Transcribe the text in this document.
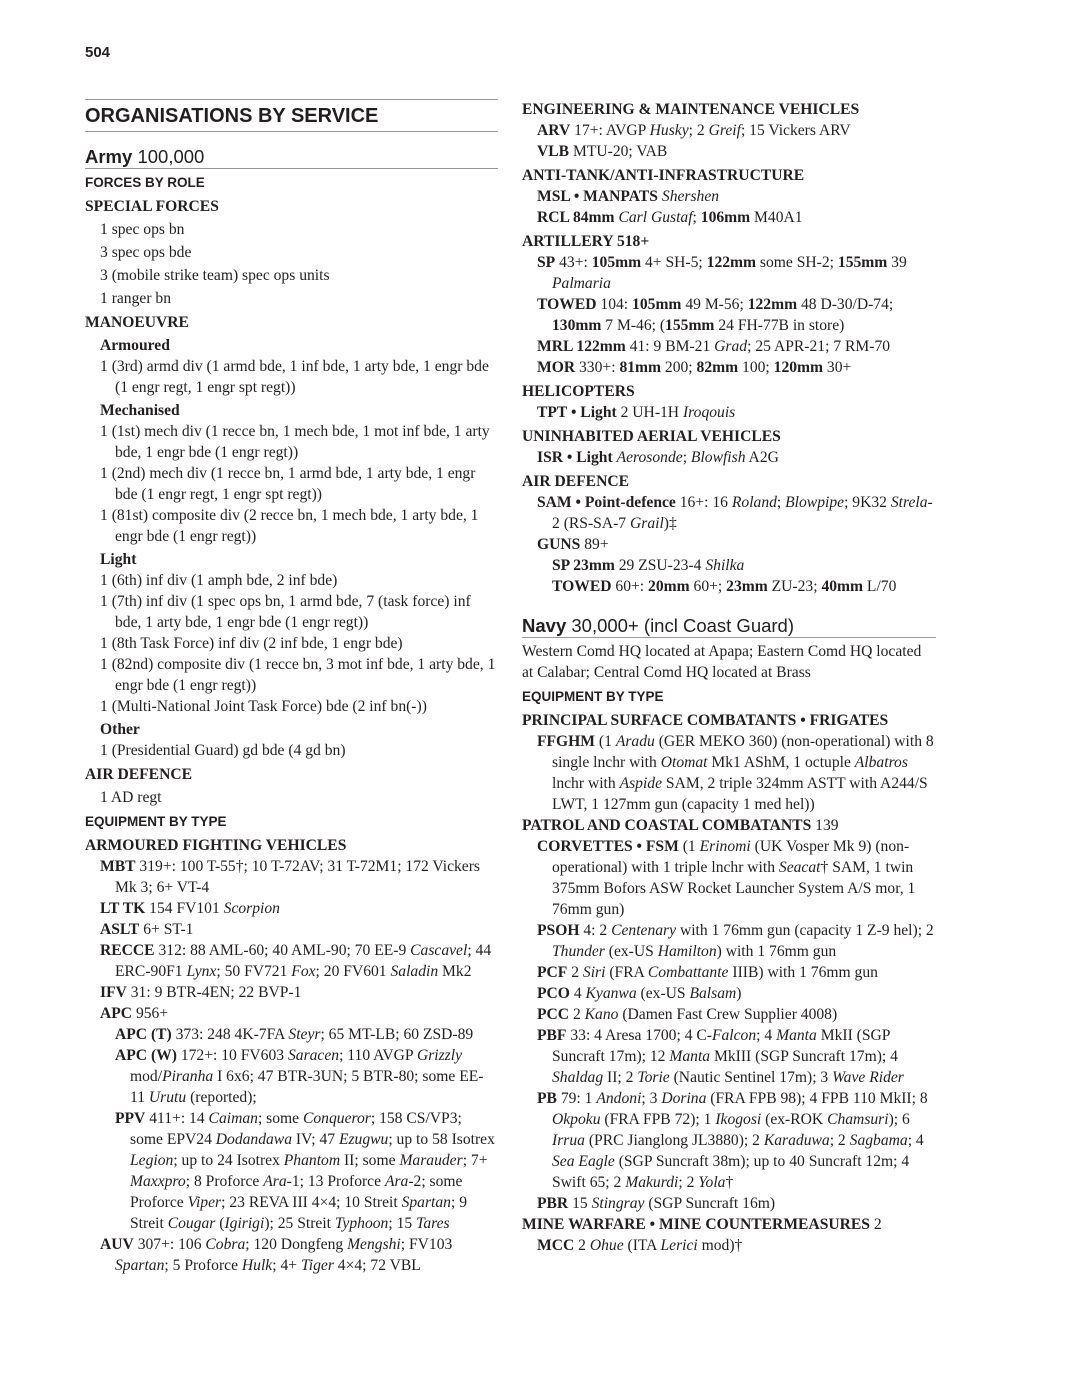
504
ORGANISATIONS BY SERVICE
Army 100,000
FORCES BY ROLE
SPECIAL FORCES
1 spec ops bn
3 spec ops bde
3 (mobile strike team) spec ops units
1 ranger bn
MANOEUVRE
Armoured
1 (3rd) armd div (1 armd bde, 1 inf bde, 1 arty bde, 1 engr bde (1 engr regt, 1 engr spt regt))
Mechanised
1 (1st) mech div (1 recce bn, 1 mech bde, 1 mot inf bde, 1 arty bde, 1 engr bde (1 engr regt))
1 (2nd) mech div (1 recce bn, 1 armd bde, 1 arty bde, 1 engr bde (1 engr regt, 1 engr spt regt))
1 (81st) composite div (2 recce bn, 1 mech bde, 1 arty bde, 1 engr bde (1 engr regt))
Light
1 (6th) inf div (1 amph bde, 2 inf bde)
1 (7th) inf div (1 spec ops bn, 1 armd bde, 7 (task force) inf bde, 1 arty bde, 1 engr bde (1 engr regt))
1 (8th Task Force) inf div (2 inf bde, 1 engr bde)
1 (82nd) composite div (1 recce bn, 3 mot inf bde, 1 arty bde, 1 engr bde (1 engr regt))
1 (Multi-National Joint Task Force) bde (2 inf bn(-))
Other
1 (Presidential Guard) gd bde (4 gd bn)
AIR DEFENCE
1 AD regt
EQUIPMENT BY TYPE
ARMOURED FIGHTING VEHICLES
MBT 319+: 100 T-55†; 10 T-72AV; 31 T-72M1; 172 Vickers Mk 3; 6+ VT-4
LT TK 154 FV101 Scorpion
ASLT 6+ ST-1
RECCE 312: 88 AML-60; 40 AML-90; 70 EE-9 Cascavel; 44 ERC-90F1 Lynx; 50 FV721 Fox; 20 FV601 Saladin Mk2
IFV 31: 9 BTR-4EN; 22 BVP-1
APC 956+
APC (T) 373: 248 4K-7FA Steyr; 65 MT-LB; 60 ZSD-89
APC (W) 172+: 10 FV603 Saracen; 110 AVGP Grizzly mod/Piranha I 6x6; 47 BTR-3UN; 5 BTR-80; some EE-11 Urutu (reported);
PPV 411+: 14 Caiman; some Conqueror; 158 CS/VP3; some EPV24 Dodandawa IV; 47 Ezugwu; up to 58 Isotrex Legion; up to 24 Isotrex Phantom II; some Marauder; 7+ Maxxpro; 8 Proforce Ara-1; 13 Proforce Ara-2; some Proforce Viper; 23 REVA III 4×4; 10 Streit Spartan; 9 Streit Cougar (Igirigi); 25 Streit Typhoon; 15 Tares
AUV 307+: 106 Cobra; 120 Dongfeng Mengshi; FV103 Spartan; 5 Proforce Hulk; 4+ Tiger 4×4; 72 VBL
ENGINEERING & MAINTENANCE VEHICLES
ARV 17+: AVGP Husky; 2 Greif; 15 Vickers ARV
VLB MTU-20; VAB
ANTI-TANK/ANTI-INFRASTRUCTURE
MSL • MANPATS Shershen
RCL 84mm Carl Gustaf; 106mm M40A1
ARTILLERY 518+
SP 43+: 105mm 4+ SH-5; 122mm some SH-2; 155mm 39 Palmaria
TOWED 104: 105mm 49 M-56; 122mm 48 D-30/D-74; 130mm 7 M-46; (155mm 24 FH-77B in store)
MRL 122mm 41: 9 BM-21 Grad; 25 APR-21; 7 RM-70
MOR 330+: 81mm 200; 82mm 100; 120mm 30+
HELICOPTERS
TPT • Light 2 UH-1H Iroqouis
UNINHABITED AERIAL VEHICLES
ISR • Light Aerosonde; Blowfish A2G
AIR DEFENCE
SAM • Point-defence 16+: 16 Roland; Blowpipe; 9K32 Strela-2 (RS-SA-7 Grail)‡
GUNS 89+
SP 23mm 29 ZSU-23-4 Shilka
TOWED 60+: 20mm 60+; 23mm ZU-23; 40mm L/70
Navy 30,000+ (incl Coast Guard)
Western Comd HQ located at Apapa; Eastern Comd HQ located at Calabar; Central Comd HQ located at Brass
EQUIPMENT BY TYPE
PRINCIPAL SURFACE COMBATANTS • FRIGATES
FFGHM (1 Aradu (GER MEKO 360) (non-operational) with 8 single lnchr with Otomat Mk1 AShM, 1 octuple Albatros lnchr with Aspide SAM, 2 triple 324mm ASTT with A244/S LWT, 1 127mm gun (capacity 1 med hel))
PATROL AND COASTAL COMBATANTS 139
CORVETTES • FSM (1 Erinomi (UK Vosper Mk 9) (non-operational) with 1 triple lnchr with Seacat† SAM, 1 twin 375mm Bofors ASW Rocket Launcher System A/S mor, 1 76mm gun)
PSOH 4: 2 Centenary with 1 76mm gun (capacity 1 Z-9 hel); 2 Thunder (ex-US Hamilton) with 1 76mm gun
PCF 2 Siri (FRA Combattante IIIB) with 1 76mm gun
PCO 4 Kyanwa (ex-US Balsam)
PCC 2 Kano (Damen Fast Crew Supplier 4008)
PBF 33: 4 Aresa 1700; 4 C-Falcon; 4 Manta MkII (SGP Suncraft 17m); 12 Manta MkIII (SGP Suncraft 17m); 4 Shaldag II; 2 Torie (Nautic Sentinel 17m); 3 Wave Rider
PB 79: 1 Andoni; 3 Dorina (FRA FPB 98); 4 FPB 110 MkII; 8 Okpoku (FRA FPB 72); 1 Ikogosi (ex-ROK Chamsuri); 6 Irrua (PRC Jianglong JL3880); 2 Karaduwa; 2 Sagbama; 4 Sea Eagle (SGP Suncraft 38m); up to 40 Suncraft 12m; 4 Swift 65; 2 Makurdi; 2 Yola†
PBR 15 Stingray (SGP Suncraft 16m)
MINE WARFARE • MINE COUNTERMEASURES 2
MCC 2 Ohue (ITA Lerici mod)†
